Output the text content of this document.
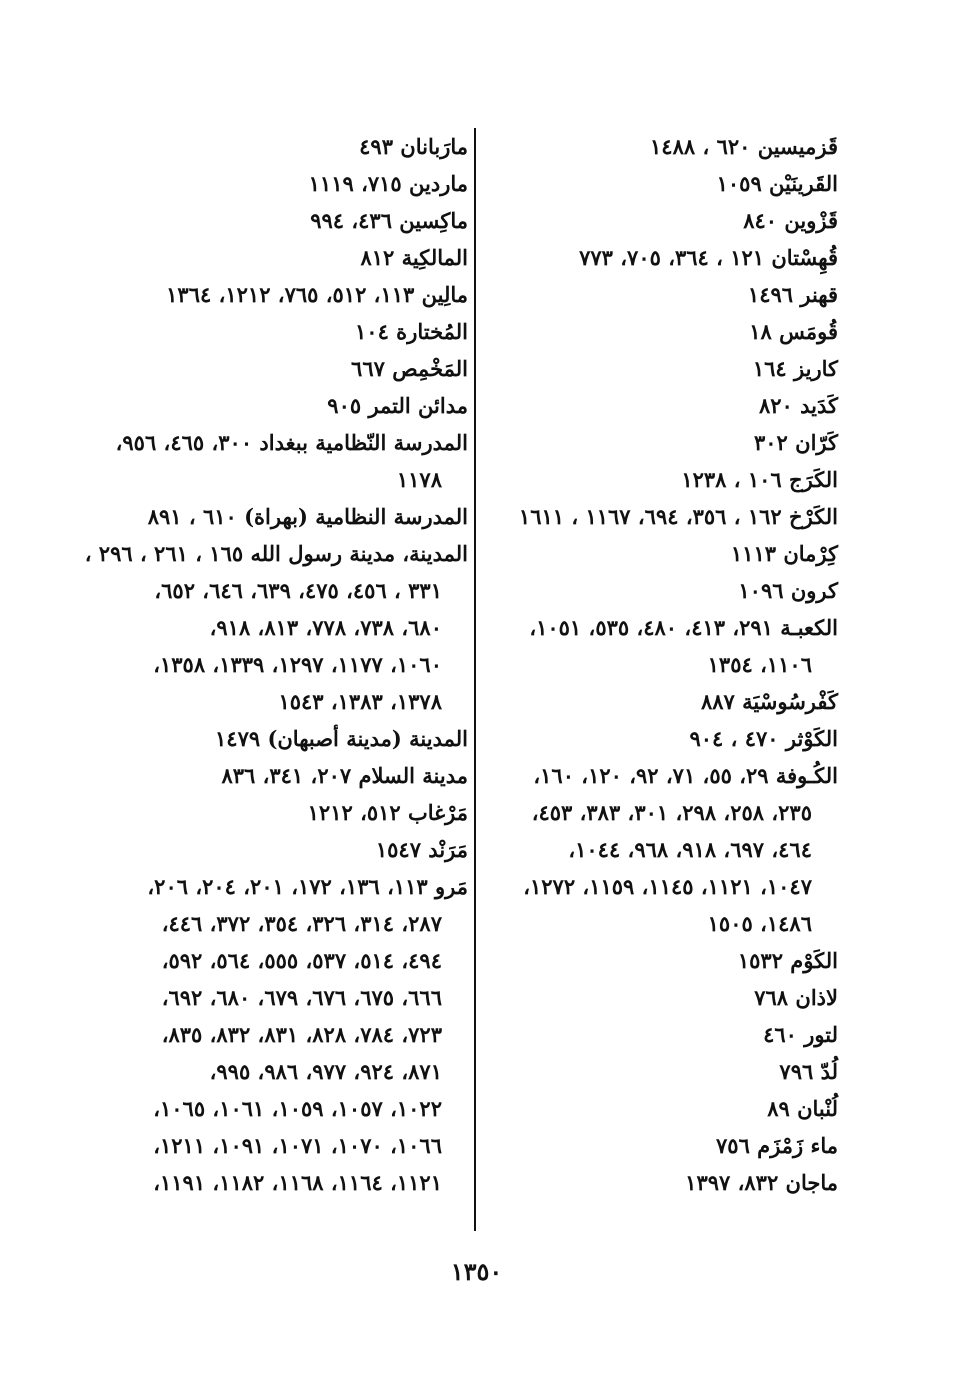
قَزميسين ٦٢٠ ، ١٤٨٨
القَرينَيْن ١٠٥٩
قَزْوين ٨٤٠
قُهِسْتان ١٢١ ، ٣٦٤، ٧٠٥، ٧٧٣
قهنر ١٤٩٦
قُومَس ١٨
كاريز ١٦٤
كَدَيد ٨٢٠
كَرّان ٣٠٢
الكَرَج ١٠٦ ، ١٢٣٨
الكَرْخ ١٦٢ ، ٣٥٦، ٦٩٤، ١١٦٧ ، ١٦١١
كِرْمان ١١١٣
كرون ١٠٩٦
الكعبـة ٢٩١، ٤١٣، ٤٨٠، ٥٣٥، ١٠٥١،
١١٠٦، ١٣٥٤
كَفْرسُوسْيَة ٨٨٧
الكَوْثر ٤٧٠ ، ٩٠٤
الكُـوفة ٢٩، ٥٥، ٧١، ٩٢، ١٢٠، ١٦٠،
٢٣٥، ٢٥٨، ٢٩٨، ٣٠١، ٣٨٣، ٤٥٣،
٤٦٤، ٦٩٧، ٩١٨، ٩٦٨، ١٠٤٤،
١٠٤٧، ١١٢١، ١١٤٥، ١١٥٩، ١٢٧٢،
١٤٨٦، ١٥٠٥
الكَوْم ١٥٣٢
لاذان ٧٦٨
لتور ٤٦٠
لُدّ ٧٩٦
لُنْبان ٨٩
ماء زَمْزَم ٧٥٦
ماجان ٨٣٢، ١٣٩٧
مارَبانان ٤٩٣
ماردين ٧١٥، ١١١٩
ماكِسين ٤٣٦، ٩٩٤
المالكِية ٨١٢
مالِين ١١٣، ٥١٢، ٧٦٥، ١٢١٢، ١٣٦٤
المُختارة ١٠٤
المَخْمِص ٦٦٧
مدائن التمر ٩٠٥
المدرسة النّظامية ببغداد ٣٠٠، ٤٦٥، ٩٥٦،
١١٧٨
المدرسة النظامية (بهراة) ٦١٠ ، ٨٩١
المدينة، مدينة رسول الله ١٦٥ ، ٢٦١ ، ٢٩٦ ،
٣٣١ ، ٤٥٦، ٤٧٥، ٦٣٩، ٦٤٦، ٦٥٢،
٦٨٠، ٧٣٨، ٧٧٨، ٨١٣، ٩١٨،
١٠٦٠، ١١٧٧، ١٢٩٧، ١٣٣٩، ١٣٥٨،
١٣٧٨، ١٣٨٣، ١٥٤٣
المدينة (مدينة أصبهان) ١٤٧٩
مدينة السلام ٢٠٧، ٣٤١، ٨٣٦
مَرْغاب ٥١٢، ١٢١٢
مَرَنْد ١٥٤٧
مَرو ١١٣، ١٣٦، ١٧٢، ٢٠١، ٢٠٤، ٢٠٦،
٢٨٧، ٣١٤، ٣٢٦، ٣٥٤، ٣٧٢، ٤٤٦،
٤٩٤، ٥١٤، ٥٣٧، ٥٥٥، ٥٦٤، ٥٩٢،
٦٦٦، ٦٧٥، ٦٧٦، ٦٧٩، ٦٨٠، ٦٩٢،
٧٢٣، ٧٨٤، ٨٢٨، ٨٣١، ٨٣٢، ٨٣٥،
٨٧١، ٩٢٤، ٩٧٧، ٩٨٦، ٩٩٥،
١٠٢٢، ١٠٥٧، ١٠٥٩، ١٠٦١، ١٠٦٥،
١٠٦٦، ١٠٧٠، ١٠٧١، ١٠٩١، ١٢١١،
١١٢١، ١١٦٤، ١١٦٨، ١١٨٢، ١١٩١،
١٣٥٠
